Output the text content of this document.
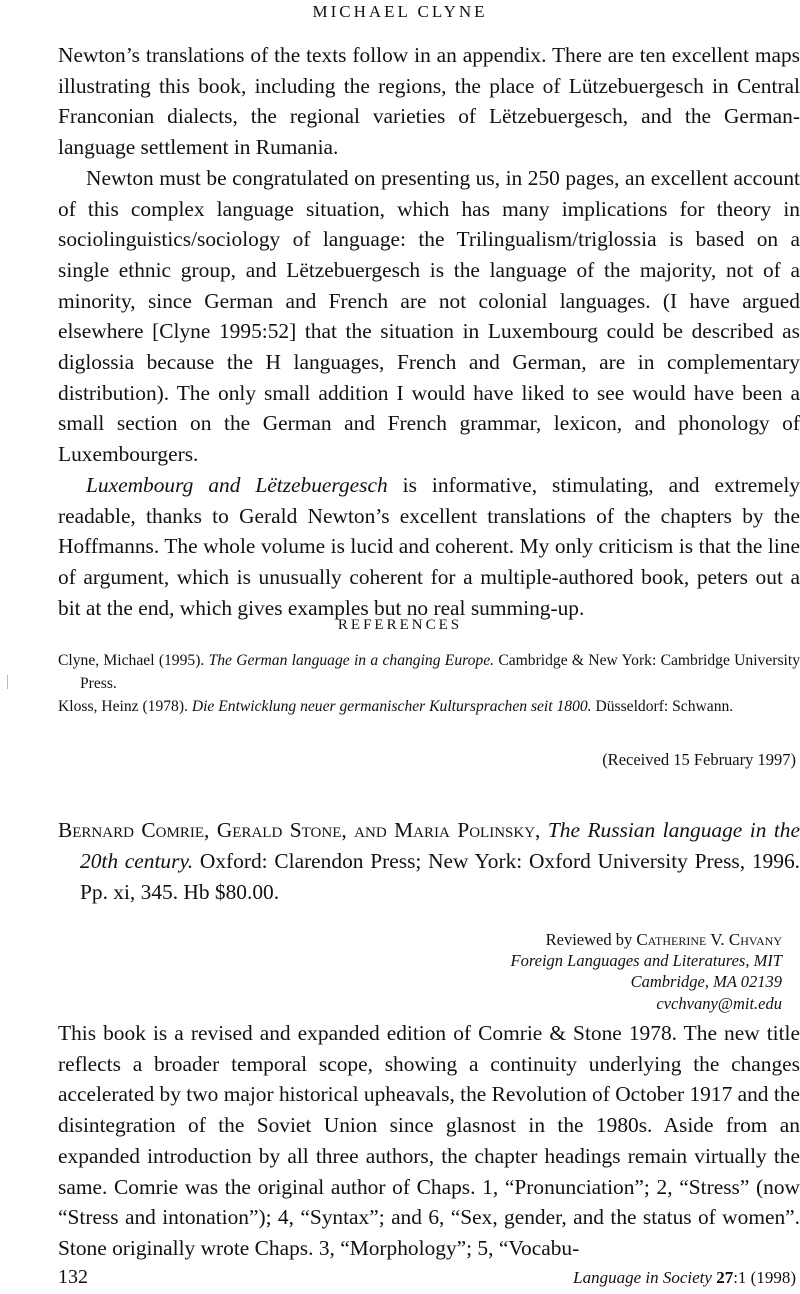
MICHAEL CLYNE

Newton’s translations of the texts follow in an appendix. There are ten excellent maps illustrating this book, including the regions, the place of Lützebuergesch in Central Franconian dialects, the regional varieties of Lëtzebuergesch, and the German-language settlement in Rumania.

Newton must be congratulated on presenting us, in 250 pages, an excellent account of this complex language situation, which has many implications for theory in sociolinguistics/sociology of language: the Trilingualism/triglossia is based on a single ethnic group, and Lëtzebuergesch is the language of the majority, not of a minority, since German and French are not colonial languages. (I have argued elsewhere [Clyne 1995:52] that the situation in Luxembourg could be described as diglossia because the H languages, French and German, are in complementary distribution). The only small addition I would have liked to see would have been a small section on the German and French grammar, lexicon, and phonology of Luxembourgers.

Luxembourg and Lëtzebuergesch is informative, stimulating, and extremely readable, thanks to Gerald Newton’s excellent translations of the chapters by the Hoffmanns. The whole volume is lucid and coherent. My only criticism is that the line of argument, which is unusually coherent for a multiple-authored book, peters out a bit at the end, which gives examples but no real summing-up.

REFERENCES

Clyne, Michael (1995). The German language in a changing Europe. Cambridge & New York: Cambridge University Press.

Kloss, Heinz (1978). Die Entwicklung neuer germanischer Kultursprachen seit 1800. Düsseldorf: Schwann.

(Received 15 February 1997)
Bernard Comrie, Gerald Stone, and Maria Polinsky, The Russian language in the 20th century. Oxford: Clarendon Press; New York: Oxford University Press, 1996. Pp. xi, 345. Hb $80.00.
Reviewed by Catherine V. Chvany
Foreign Languages and Literatures, MIT
Cambridge, MA 02139
cvchvany@mit.edu

This book is a revised and expanded edition of Comrie & Stone 1978. The new title reflects a broader temporal scope, showing a continuity underlying the changes accelerated by two major historical upheavals, the Revolution of October 1917 and the disintegration of the Soviet Union since glasnost in the 1980s. Aside from an expanded introduction by all three authors, the chapter headings remain virtually the same. Comrie was the original author of Chaps. 1, “Pronunciation”; 2, “Stress” (now “Stress and intonation”); 4, “Syntax”; and 6, “Sex, gender, and the status of women”. Stone originally wrote Chaps. 3, “Morphology”; 5, “Vocabu-

132	Language in Society 27:1 (1998)
